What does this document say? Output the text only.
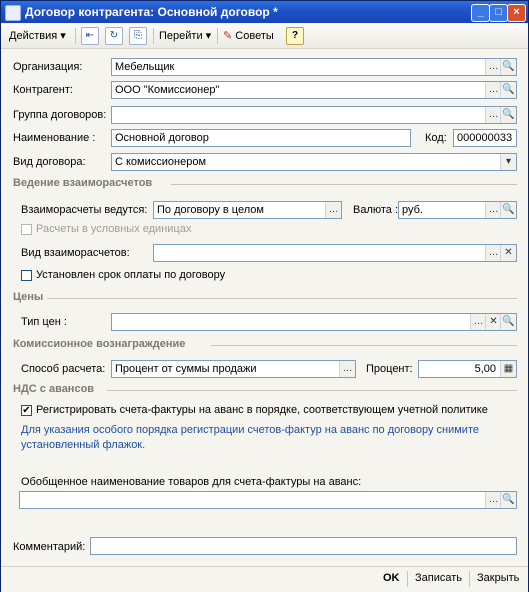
Договор контрагента: Основной договор *	_	□	×
Действия ▾	⇤	↻	⎘	Перейти ▾ ✎ Советы	?
Организация:	Мебельщик	… 🔍
Контрагент:	ООО "Комиссионер"	… 🔍
Группа договоров:	… 🔍
Наименование :	Основной договор	Код: 000000033
Вид договора:	С комиссионером	▾
Ведение взаиморасчетов
Взаиморасчеты ведутся: По договору в целом	… Валюта : руб.	… 🔍
Расчеты в условных единицах
Вид взаиморасчетов:	… ✕
Установлен срок оплаты по договору
Цены
Тип цен :	… ✕ 🔍
Комиссионное вознаграждение
Способ расчета: Процент от суммы продажи	… Процент:	5,00 ▦
НДС с авансов
✔ Регистрировать счета-фактуры на аванс в порядке, соответствующем учетной политике
Для указания особого порядка регистрации счетов-фактур на аванс по договору снимите
установленный флажок.
Обобщенное наименование товаров для счета-фактуры на аванс:
… 🔍
Комментарий:
OK Записать Закрыть
